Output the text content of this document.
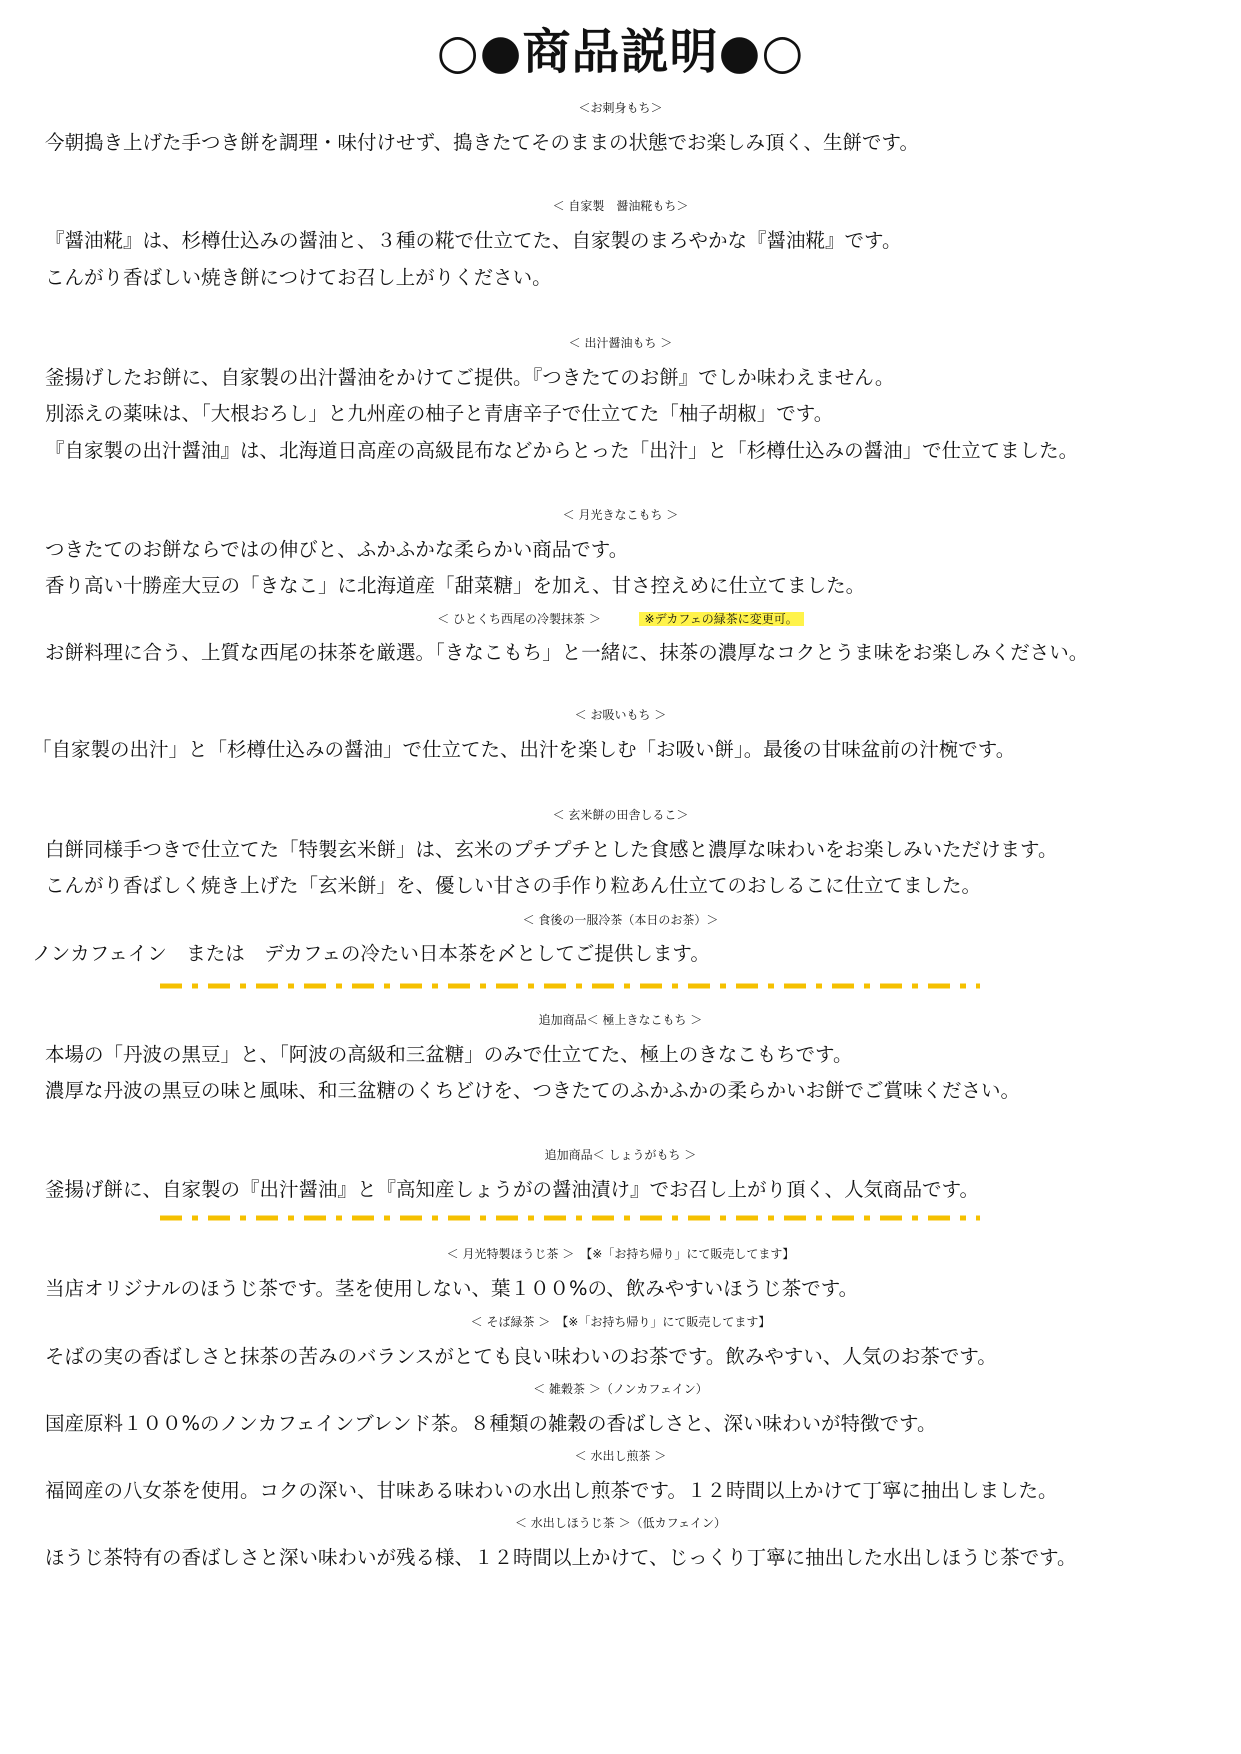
○●商品説明●○
＜お刺身もち＞
今朝搗き上げた手つき餅を調理・味付けせず、搗きたてそのままの状態でお楽しみ頂く、生餅です。
＜ 自家製　醤油糀もち＞
『醤油糀』は、杉樽仕込みの醤油と、３種の糀で仕立てた、自家製のまろやかな『醤油糀』です。
こんがり香ばしい焼き餅につけてお召し上がりください。
＜ 出汁醤油もち ＞
釜揚げしたお餅に、自家製の出汁醤油をかけてご提供。『つきたてのお餅』でしか味わえません。
別添えの薬味は、「大根おろし」と九州産の柚子と青唐辛子で仕立てた「柚子胡椒」です。
『自家製の出汁醤油』は、北海道日高産の高級昆布などからとった「出汁」と「杉樽仕込みの醤油」で仕立てました。
＜ 月光きなこもち ＞
つきたてのお餅ならではの伸びと、ふかふかな柔らかい商品です。
香り高い十勝産大豆の「きなこ」に北海道産「甜菜糖」を加え、甘さ控えめに仕立てました。
＜ ひとくち西尾の冷製抹茶 ＞	※デカフェの緑茶に変更可。
お餅料理に合う、上質な西尾の抹茶を厳選。「きなこもち」と一緒に、抹茶の濃厚なコクとうま味をお楽しみください。
＜ お吸いもち ＞
「自家製の出汁」と「杉樽仕込みの醤油」で仕立てた、出汁を楽しむ「お吸い餅」。最後の甘味盆前の汁椀です。
＜ 玄米餅の田舎しるこ＞
白餅同様手つきで仕立てた「特製玄米餅」は、玄米のプチプチとした食感と濃厚な味わいをお楽しみいただけます。
こんがり香ばしく焼き上げた「玄米餅」を、優しい甘さの手作り粒あん仕立てのおしるこに仕立てました。
＜ 食後の一服冷茶（本日のお茶）＞
ノンカフェイン　または　デカフェの冷たい日本茶を〆としてご提供します。
追加商品＜ 極上きなこもち ＞
本場の「丹波の黒豆」と、「阿波の高級和三盆糖」のみで仕立てた、極上のきなこもちです。
濃厚な丹波の黒豆の味と風味、和三盆糖のくちどけを、つきたてのふかふかの柔らかいお餅でご賞味ください。
追加商品＜ しょうがもち ＞
釜揚げ餅に、自家製の『出汁醤油』と『高知産しょうがの醤油漬け』でお召し上がり頂く、人気商品です。
＜ 月光特製ほうじ茶 ＞　【※「お持ち帰り」にて販売してます】
当店オリジナルのほうじ茶です。茎を使用しない、葉１００%の、飲みやすいほうじ茶です。
＜ そば緑茶 ＞　【※「お持ち帰り」にて販売してます】
そばの実の香ばしさと抹茶の苦みのバランスがとても良い味わいのお茶です。飲みやすい、人気のお茶です。
＜ 雑穀茶 ＞（ノンカフェイン）
国産原料１００%のノンカフェインブレンド茶。８種類の雑穀の香ばしさと、深い味わいが特徴です。
＜ 水出し煎茶 ＞
福岡産の八女茶を使用。コクの深い、甘味ある味わいの水出し煎茶です。１２時間以上かけて丁寧に抽出しました。
＜ 水出しほうじ茶 ＞（低カフェイン）
ほうじ茶特有の香ばしさと深い味わいが残る様、１２時間以上かけて、じっくり丁寧に抽出した水出しほうじ茶です。
